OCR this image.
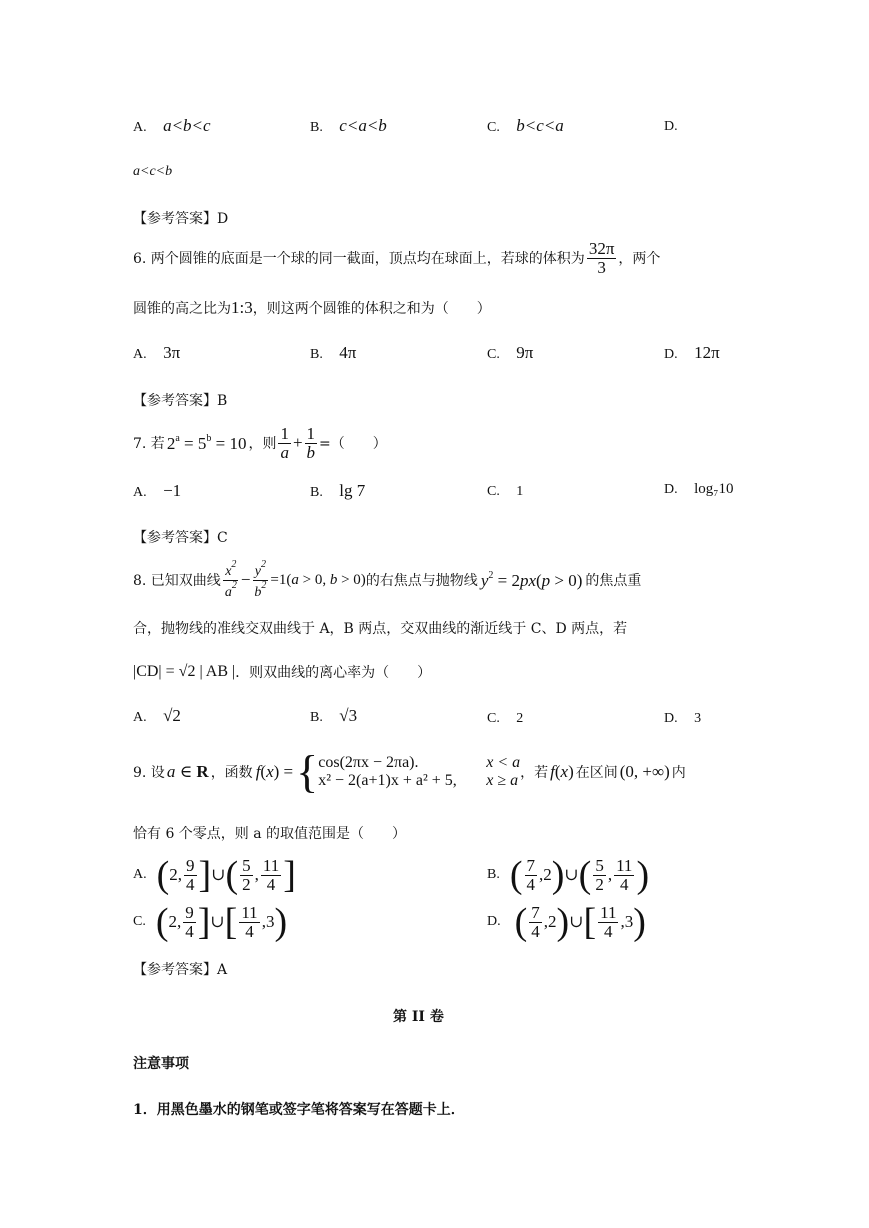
A. a<b<c	B. c<a<b	C. b<c<a	D.
a<c<b
【参考答案】D
6. 两个圆锥的底面是一个球的同一截面，顶点均在球面上，若球的体积为 $\frac{32\pi}{3}$ ，两个
圆锥的高之比为1:3，则这两个圆锥的体积之和为（　　）
A. 3π	B. 4π	C. 9π	D. 12π
【参考答案】B
7. 若 $2^a = 5^b = 10$ ，则 $\frac{1}{a} + \frac{1}{b}$ =（　　）
A. −1	B. lg 7	C. 1	D. log₇10
【参考答案】C
8. 已知双曲线 $\frac{x^2}{a^2} - \frac{y^2}{b^2} =1(a > 0$, b > 0) 的右焦点与抛物线 $y^2 = 2px(p > 0)$ 的焦点重
合，抛物线的准线交双曲线于 A，B 两点，交双曲线的渐近线于 C、D 两点，若
|CD| = √2 | AB | ．则双曲线的离心率为（　　）
A. √2	B. √3	C. 2	D. 3
9. 设 a ∈ R ，函数 f(x) = { cos(2πx − 2πa).	x < a
x² − 2(a+1)x + a² + 5,	x ≥ a ，若 f(x) 在区间 (0, +∞) 内
恰有 6 个零点，则 a 的取值范围是（　　）
A. ( 2, $\frac{9}{4}$ ] ∪ ( $\frac{5}{2}$ , $\frac{11}{4}$ ]	B. ( $\frac{7}{4} ,2$ ) ∪ ( $\frac{5}{2}$ , $\frac{11}{4}$ )
C. ( 2, $\frac{9}{4}$ ] ∪ [ $\frac{11}{4} ,3$ )	D. ( $\frac{7}{4} ,2$ ) ∪ [ $\frac{11}{4} ,3$ )
【参考答案】A
第 II 卷
注意事项
1．用黑色墨水的钢笔或签字笔将答案写在答题卡上．
